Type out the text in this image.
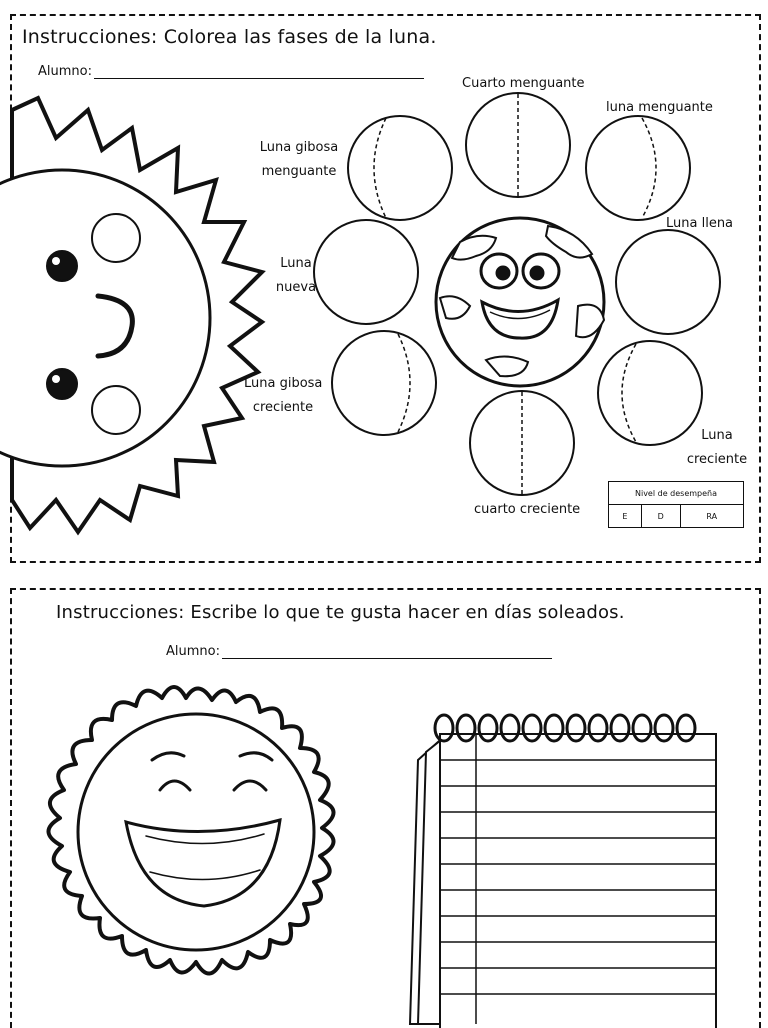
Instrucciones: Colorea las fases de la luna.
Alumno:
Cuarto menguante
luna menguante
Luna gibosa
menguante
Luna llena
Luna
nueva
Luna gibosa
creciente
Luna
creciente
cuarto creciente
Nivel de desempeña
E	D	RA
Instrucciones: Escribe lo que te gusta hacer en días soleados.
Alumno:
